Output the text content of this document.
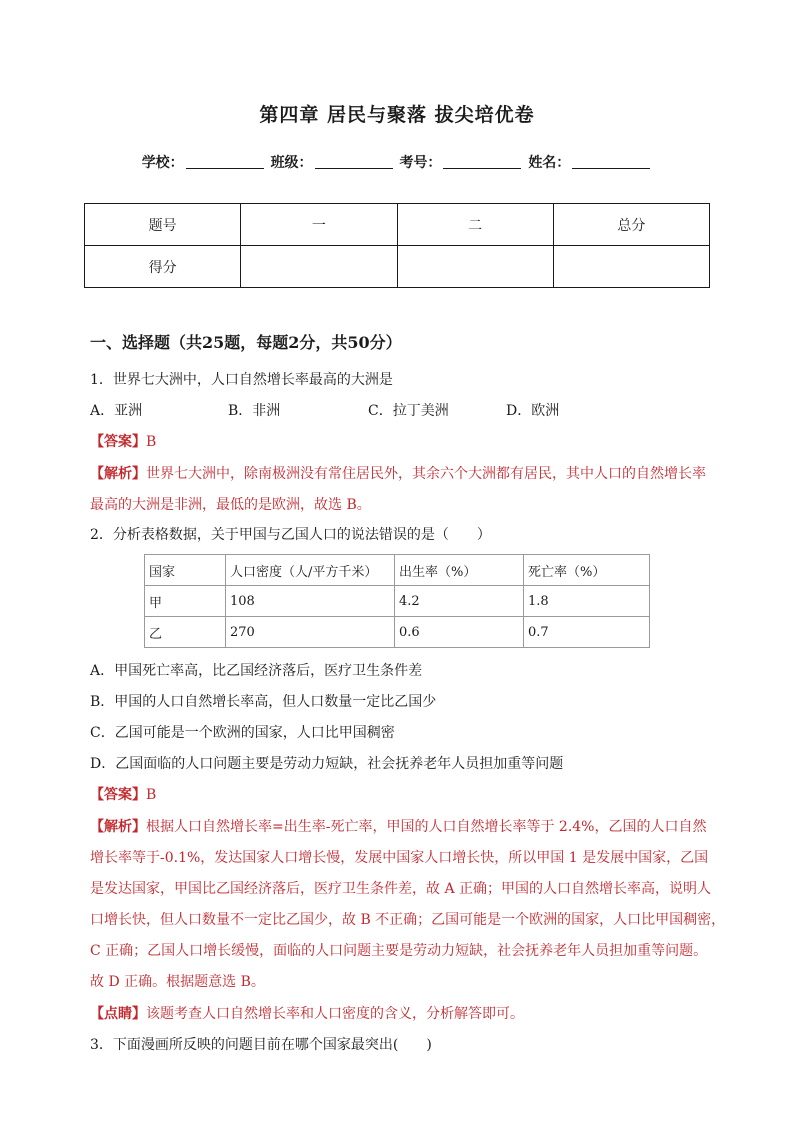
第四章 居民与聚落 拔尖培优卷
学校：	班级：	考号：	姓名：
题号	一	二	总分
得分			
一、选择题（共25题，每题2分，共50分）
1．世界七大洲中，人口自然增长率最高的大洲是
A．亚洲	B．非洲	C．拉丁美洲	D．欧洲
【答案】B
【解析】世界七大洲中，除南极洲没有常住居民外，其余六个大洲都有居民，其中人口的自然增长率
最高的大洲是非洲，最低的是欧洲，故选 B。
2．分析表格数据，关于甲国与乙国人口的说法错误的是（　　）
国家	人口密度（人/平方千米）	出生率（%）	死亡率（%）
甲	108	4.2	1.8
乙	270	0.6	0.7
A．甲国死亡率高，比乙国经济落后，医疗卫生条件差
B．甲国的人口自然增长率高，但人口数量一定比乙国少
C．乙国可能是一个欧洲的国家，人口比甲国稠密
D．乙国面临的人口问题主要是劳动力短缺，社会抚养老年人员担加重等问题
【答案】B
【解析】根据人口自然增长率=出生率-死亡率，甲国的人口自然增长率等于 2.4%，乙国的人口自然
增长率等于-0.1%，发达国家人口增长慢，发展中国家人口增长快，所以甲国 1 是发展中国家，乙国
是发达国家，甲国比乙国经济落后，医疗卫生条件差，故 A 正确；甲国的人口自然增长率高，说明人
口增长快，但人口数量不一定比乙国少，故 B 不正确；乙国可能是一个欧洲的国家，人口比甲国稠密，
C 正确；乙国人口增长缓慢，面临的人口问题主要是劳动力短缺，社会抚养老年人员担加重等问题。
故 D 正确。根据题意选 B。
【点睛】该题考查人口自然增长率和人口密度的含义，分析解答即可。
3．下面漫画所反映的问题目前在哪个国家最突出(　　)
